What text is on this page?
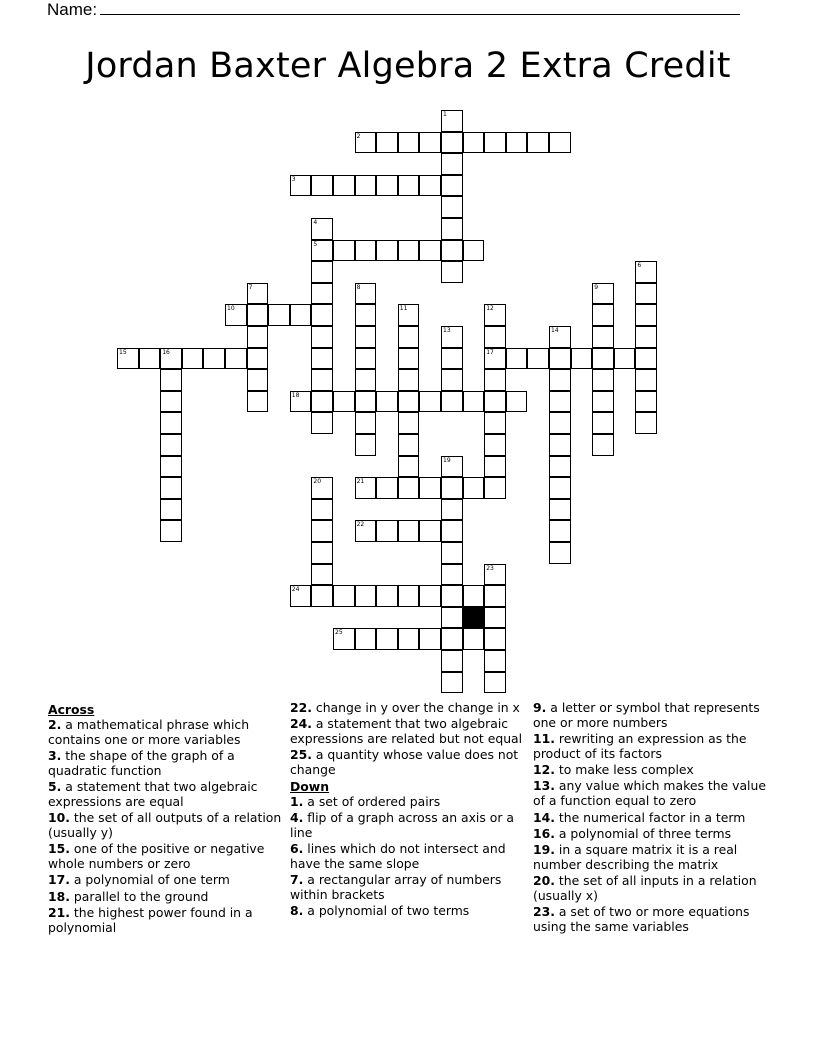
Name:
Jordan Baxter Algebra 2 Extra Credit
1
2
3
4
5
6
7	8	9
10	11	12
17
13	14
15	16
18
19
20	21
22
23
24
25
Across
2. a mathematical phrase which contains one or more variables
3. the shape of the graph of a quadratic function
5. a statement that two algebraic expressions are equal
10. the set of all outputs of a relation (usually y)
15. one of the positive or negative whole numbers or zero
17. a polynomial of one term
18. parallel to the ground
21. the highest power found in a polynomial
22. change in y over the change in x
24. a statement that two algebraic expressions are related but not equal
25. a quantity whose value does not change
Down
1. a set of ordered pairs
4. flip of a graph across an axis or a line
6. lines which do not intersect and have the same slope
7. a rectangular array of numbers within brackets
8. a polynomial of two terms
9. a letter or symbol that represents one or more numbers
11. rewriting an expression as the product of its factors
12. to make less complex
13. any value which makes the value of a function equal to zero
14. the numerical factor in a term
16. a polynomial of three terms
19. in a square matrix it is a real number describing the matrix
20. the set of all inputs in a relation (usually x)
23. a set of two or more equations using the same variables
